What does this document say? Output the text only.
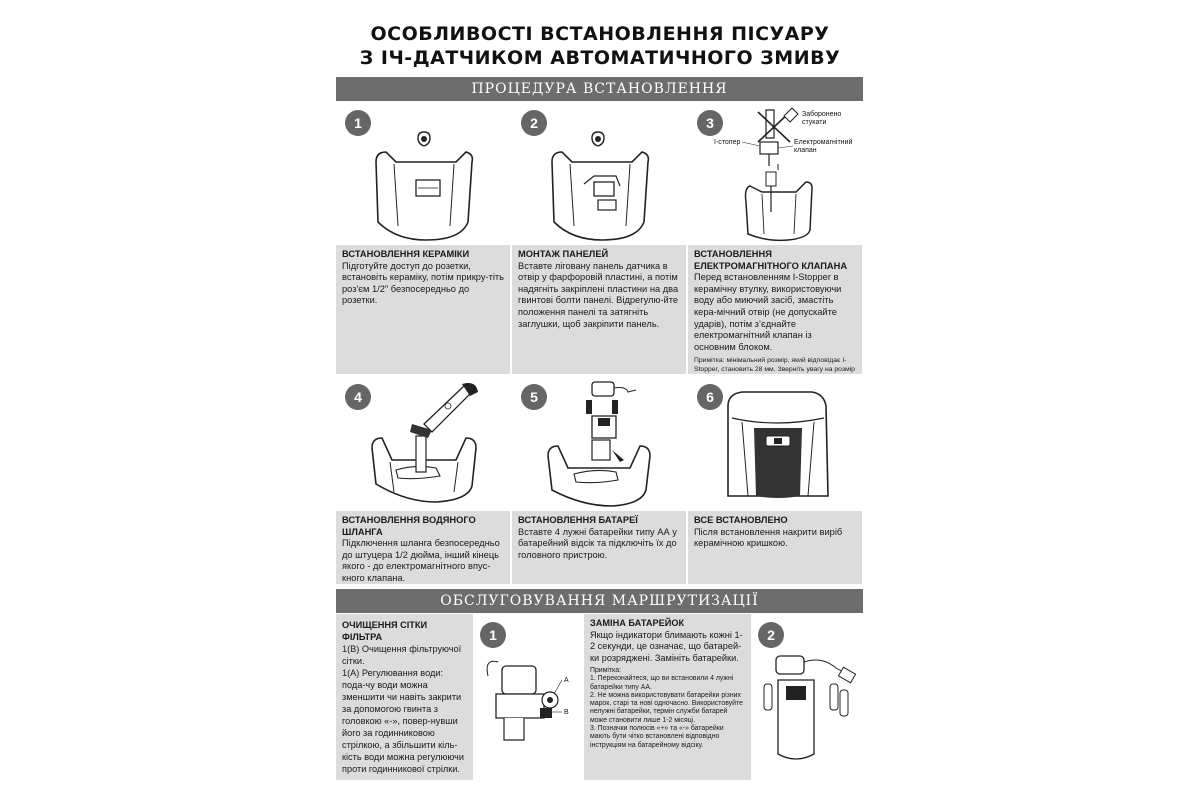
ОСОБЛИВОСТІ ВСТАНОВЛЕННЯ ПІСУАРУ
З ІЧ-ДАТЧИКОМ АВТОМАТИЧНОГО ЗМИВУ
ПРОЦЕДУРА ВСТАНОВЛЕННЯ
1
ВСТАНОВЛЕННЯ КЕРАМІКИ
Підготуйте доступ до розетки, встановіть кераміку, потім прикру-тіть роз'єм 1/2" безпосередньо до розетки.
2
МОНТАЖ ПАНЕЛЕЙ
Вставте ліговану панель датчика в отвір у фарфоровій пластині, а потім надягніть закріплені пластини на два гвинтові болти панелі. Відрегулю-йте положення панелі та затягніть заглушки, щоб закріпити панель.
Заборонено
стукати
І-стопер	Електромагнітний
клапан
3
ВСТАНОВЛЕННЯ ЕЛЕКТРОМАГНІТНОГО КЛАПАНА
Перед встановленням I-Stopper в керамічну втулку, використовуючи воду або миючий засіб, змастіть кера-мічний отвір (не допускайте ударів), потім з’єднайте електромагнітний клапан із основним блоком.
Примітка: мінімальний розмір, який відповідає I-Stopper, становить 28 мм. Зверніть увагу на розмір
4
ВСТАНОВЛЕННЯ ВОДЯНОГО ШЛАНГА
Підключення шланга безпосередньо до штуцера 1/2 дюйма, інший кінець якого - до електромагнітного впус-кного клапана.
5
ВСТАНОВЛЕННЯ БАТАРЕЇ
Вставте 4 лужні батарейки типу АА у батарейний відсік та підключіть їх до головного пристрою.
6
ВСЕ ВСТАНОВЛЕНО
Після встановлення накрити виріб керамічною кришкою.
ОБСЛУГОВУВАННЯ МАРШРУТИЗАЦІЇ
ОЧИЩЕННЯ СІТКИ ФІЛЬТРА
1(B) Очищення фільтруючої сітки.
1(A) Регулювання води: пода-чу води можна зменшити чи навіть закрити за допомогою гвинта з головкою «-», повер-нувши його за годинниковою стрілкою, а збільшити кіль-кість води можна регулюючи проти годинникової стрілки.
A
B
1
ЗАМІНА БАТАРЕЙОК
Якщо індикатори блимають кожні 1-2 секунди, це означає, що батарей-ки розряджені. Замініть батарейки.
Примітка:
1. Переконайтеся, що ви встановили 4 лужні батарейки типу АА.
2. Не можна використовувати батарейки різних марок, старі та нові одночасно. Використовуйте нелужні батарейки, термін служби батарей може становити лише 1-2 місяці.
3. Позначки полюсів «+» та «-» батарейки мають бути чітко встановлені відповідно інструкціям на батарейному відсіку.
2
